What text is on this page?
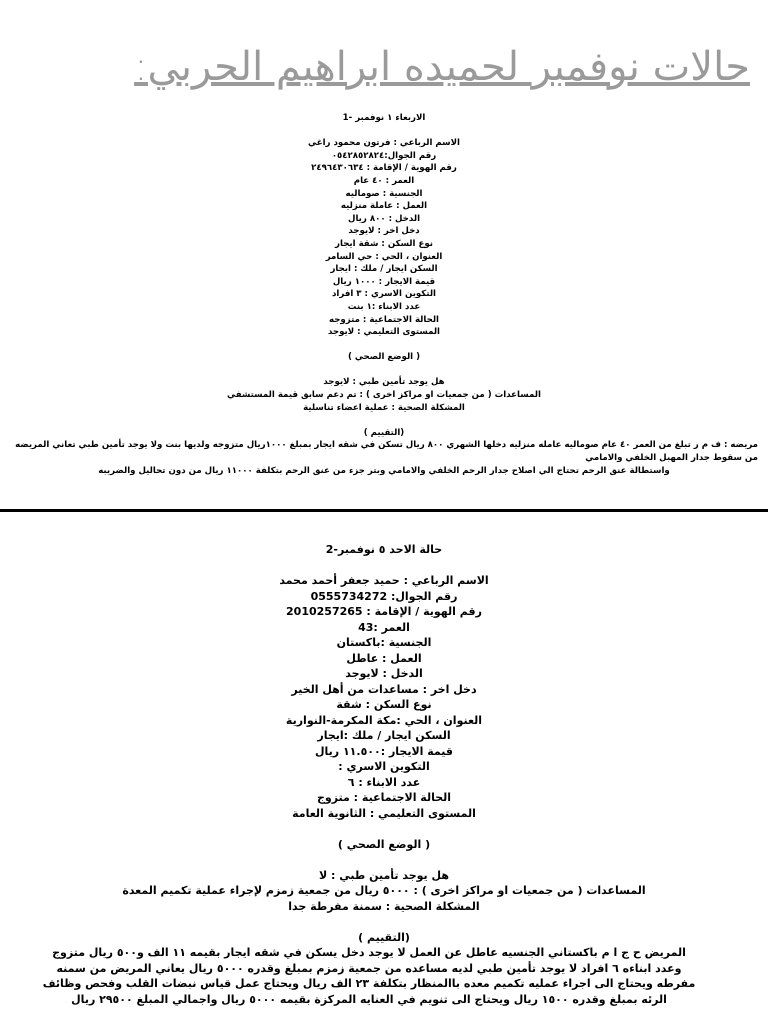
حالات نوفمبر لحميده ابراهيم الحربي:
الاربعاء ١ نوفمبر -1
الاسم الرباعي : فرتون محمود راغي
رقم الجوال:٠٥٤٢٨٥٢٨٢٤
رقم الهوية / الإقامة : ٢٤٩٦٤٣٠٦٣٤
العمر : ٤٠ عام
الجنسية : صوماليه
العمل : عاملة منزليه
الدخل : ٨٠٠ ريال
دخل اخر : لايوجد
نوع السكن : شقة ايجار
العنوان ، الحي : حي السامر
السكن ايجار / ملك : ايجار
قيمة الايجار : ١٠٠٠ ريال
التكوين الاسري : ٣ افراد
عدد الابناء :١ بنت
الحالة الاجتماعية : متزوجه
المستوى التعليمي : لايوجد
( الوضع الصحي )
هل يوجد تأمين طبي : لايوجد
المساعدات ( من جمعيات او مراكز اخرى ) : تم دعم سابق قيمة المستشفي
المشكلة الصحية : عملية اعضاء تناسلية
(التقييم )
مريضه : ف م ر تبلغ من العمر ٤٠ عام صوماليه عامله منزليه دخلها الشهري ٨٠٠ ريال تسكن في شقه ايجار بمبلغ ١٠٠٠ريال متزوجه ولديها بنت ولا يوجد تأمين طبي تعاني المريضه من سقوط جدار المهبل الخلفي والامامي
واستطالة عنق الرحم تحتاج الي اصلاح جدار الرحم الخلفي والامامي وبتر جزء من عنق الرحم بتكلفة ١١٠٠٠ ريال من دون تحاليل والضريبه
حالة الاحد ٥ نوفمبر-2
الاسم الرباعي : حميد جعفر أحمد محمد
رقم الجوال: 0555734272
رقم الهوية / الإقامة : 2010257265
العمر :43
الجنسية :باكستان
العمل : عاطل
الدخل : لايوجد
دخل اخر : مساعدات من أهل الخير
نوع السكن : شقة
العنوان ، الحي :مكة المكرمة-النوارية
السكن ايجار / ملك :ايجار
قيمة الايجار :١١.٥٠٠ ريال
التكوين الاسري :
عدد الابناء : ٦
الحالة الاجتماعية : متزوج
المستوى التعليمي : الثانوية العامة
( الوضع الصحي )
هل يوجد تأمين طبي : لا
المساعدات ( من جمعيات او مراكز اخرى ) : ٥٠٠٠ ريال من جمعية زمزم لإجراء عملية تكميم المعدة
المشكلة الصحية : سمنة مفرطة جدا
(التقييم )
المريض ح ج ا م باكستاني الجنسيه عاطل عن العمل لا يوجد دخل يسكن في شقه ايجار بقيمه ١١ الف و٥٠٠ ريال متزوج وعدد ابناءه ٦ افراد لا يوجد تأمين طبي لديه مساعده من جمعية زمزم بمبلغ وقدره ٥٠٠٠ ريال يعاني المريض من سمنه مفرطه ويحتاج الى اجراء عمليه تكميم معده باالمنظار بتكلفة ٢٣ الف ريال ويحتاج عمل قياس نبضات القلب وفحص وظائف الرئه بمبلغ وقدره ١٥٠٠ ريال ويحتاج الى تنويم في العنايه المركزة بقيمه ٥٠٠٠ ريال واجمالي المبلغ ٢٩٥٠٠ ريال
